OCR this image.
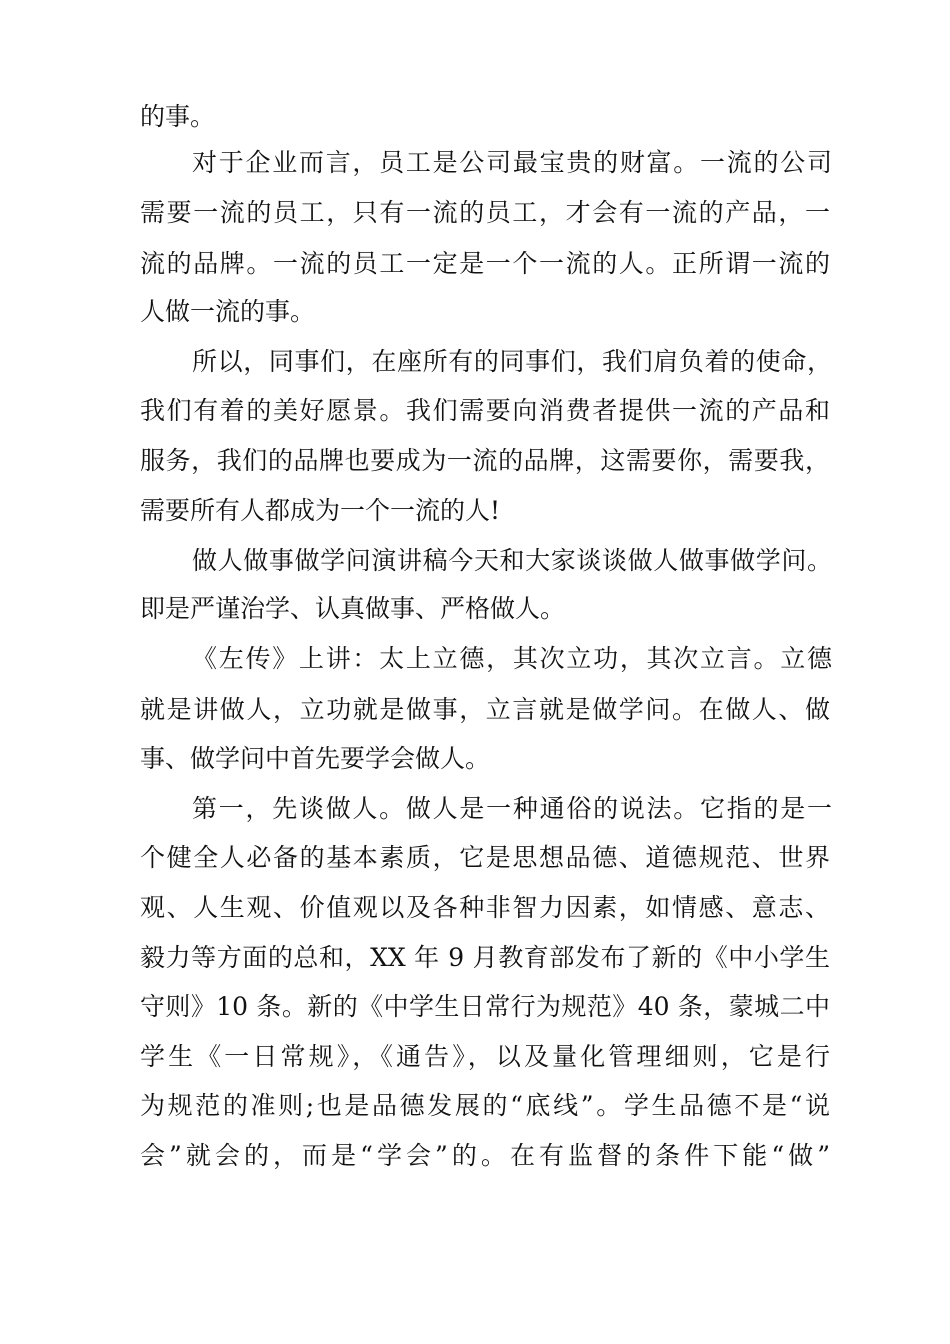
的事。
对于企业而言，员工是公司最宝贵的财富。一流的公司
需要一流的员工，只有一流的员工，才会有一流的产品，一
流的品牌。一流的员工一定是一个一流的人。正所谓一流的
人做一流的事。
所以，同事们，在座所有的同事们，我们肩负着的使命，
我们有着的美好愿景。我们需要向消费者提供一流的产品和
服务，我们的品牌也要成为一流的品牌，这需要你，需要我，
需要所有人都成为一个一流的人!
做人做事做学问演讲稿今天和大家谈谈做人做事做学问。
即是严谨治学、认真做事、严格做人。
《左传》上讲：太上立德，其次立功，其次立言。立德
就是讲做人，立功就是做事，立言就是做学问。在做人、做
事、做学问中首先要学会做人。
第一，先谈做人。做人是一种通俗的说法。它指的是一
个健全人必备的基本素质，它是思想品德、道德规范、世界
观、人生观、价值观以及各种非智力因素，如情感、意志、
毅力等方面的总和，XX 年 9 月教育部发布了新的《中小学生
守则》10 条。新的《中学生日常行为规范》40 条，蒙城二中
学生《一日常规》，《通告》，以及量化管理细则，它是行
为规范的准则;也是品德发展的“底线”。学生品德不是“说
会”就会的，而是“学会”的。在有监督的条件下能“做”
